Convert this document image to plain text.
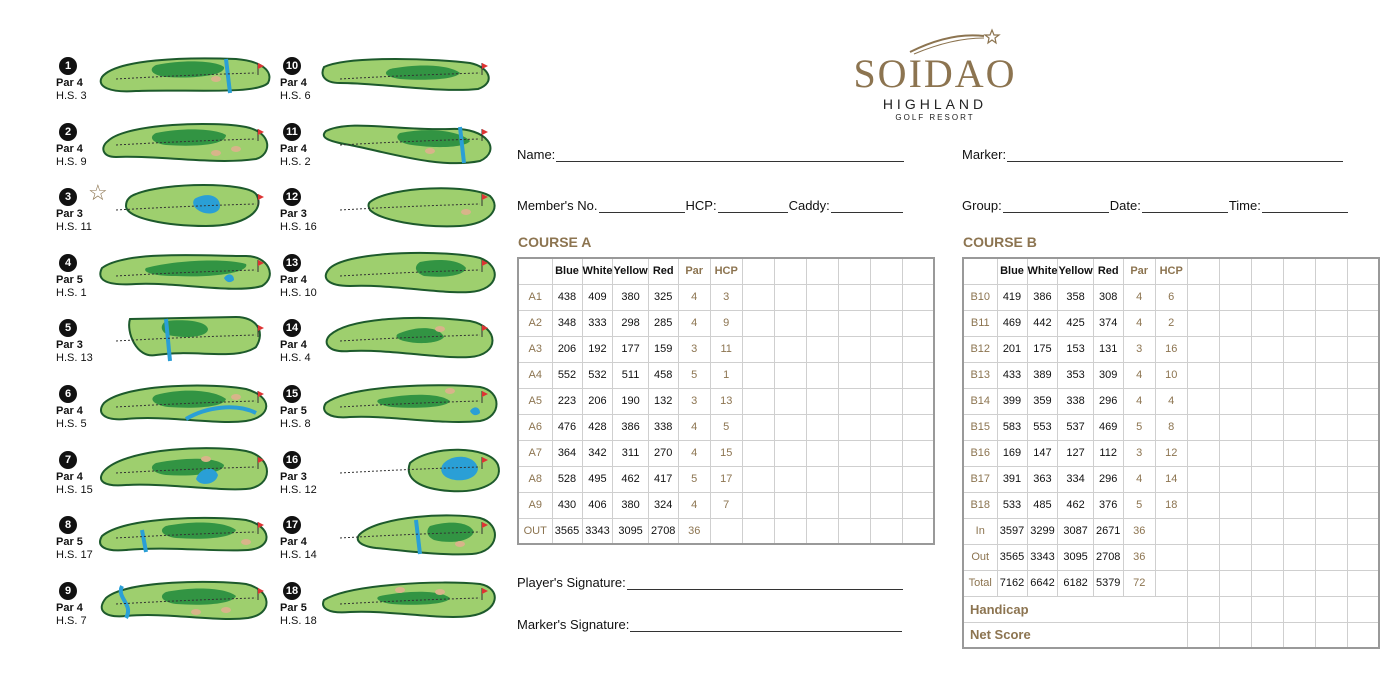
1
Par 4
H.S. 3
2
Par 4
H.S. 9
3
Par 3
H.S. 11
☆
4
Par 5
H.S. 1
5
Par 3
H.S. 13
6
Par 4
H.S. 5
7
Par 4
H.S. 15
8
Par 5
H.S. 17
9
Par 4
H.S. 7
10
Par 4
H.S. 6
11
Par 4
H.S. 2
12
Par 3
H.S. 16
13
Par 4
H.S. 10
14
Par 4
H.S. 4
15
Par 5
H.S. 8
16
Par 3
H.S. 12
17
Par 4
H.S. 14
18
Par 5
H.S. 18
SOIDAO
HIGHLAND
GOLF RESORT
Name:
Member's No.	HCP:	Caddy:
Marker:
Group:	Date:	Time:
COURSE A	COURSE B
	Blue	White	Yellow	Red	Par	HCP						
A1	438	409	380	325	4	3						
A2	348	333	298	285	4	9						
A3	206	192	177	159	3	11						
A4	552	532	511	458	5	1						
A5	223	206	190	132	3	13						
A6	476	428	386	338	4	5						
A7	364	342	311	270	4	15						
A8	528	495	462	417	5	17						
A9	430	406	380	324	4	7						
OUT	3565	3343	3095	2708	36							
	Blue	White	Yellow	Red	Par	HCP						
B10	419	386	358	308	4	6						
B11	469	442	425	374	4	2						
B12	201	175	153	131	3	16						
B13	433	389	353	309	4	10						
B14	399	359	338	296	4	4						
B15	583	553	537	469	5	8						
B16	169	147	127	112	3	12						
B17	391	363	334	296	4	14						
B18	533	485	462	376	5	18						
In	3597	3299	3087	2671	36							
Out	3565	3343	3095	2708	36							
Total	7162	6642	6182	5379	72							
Handicap												
Net Score												
Player's Signature:
Marker's Signature:
